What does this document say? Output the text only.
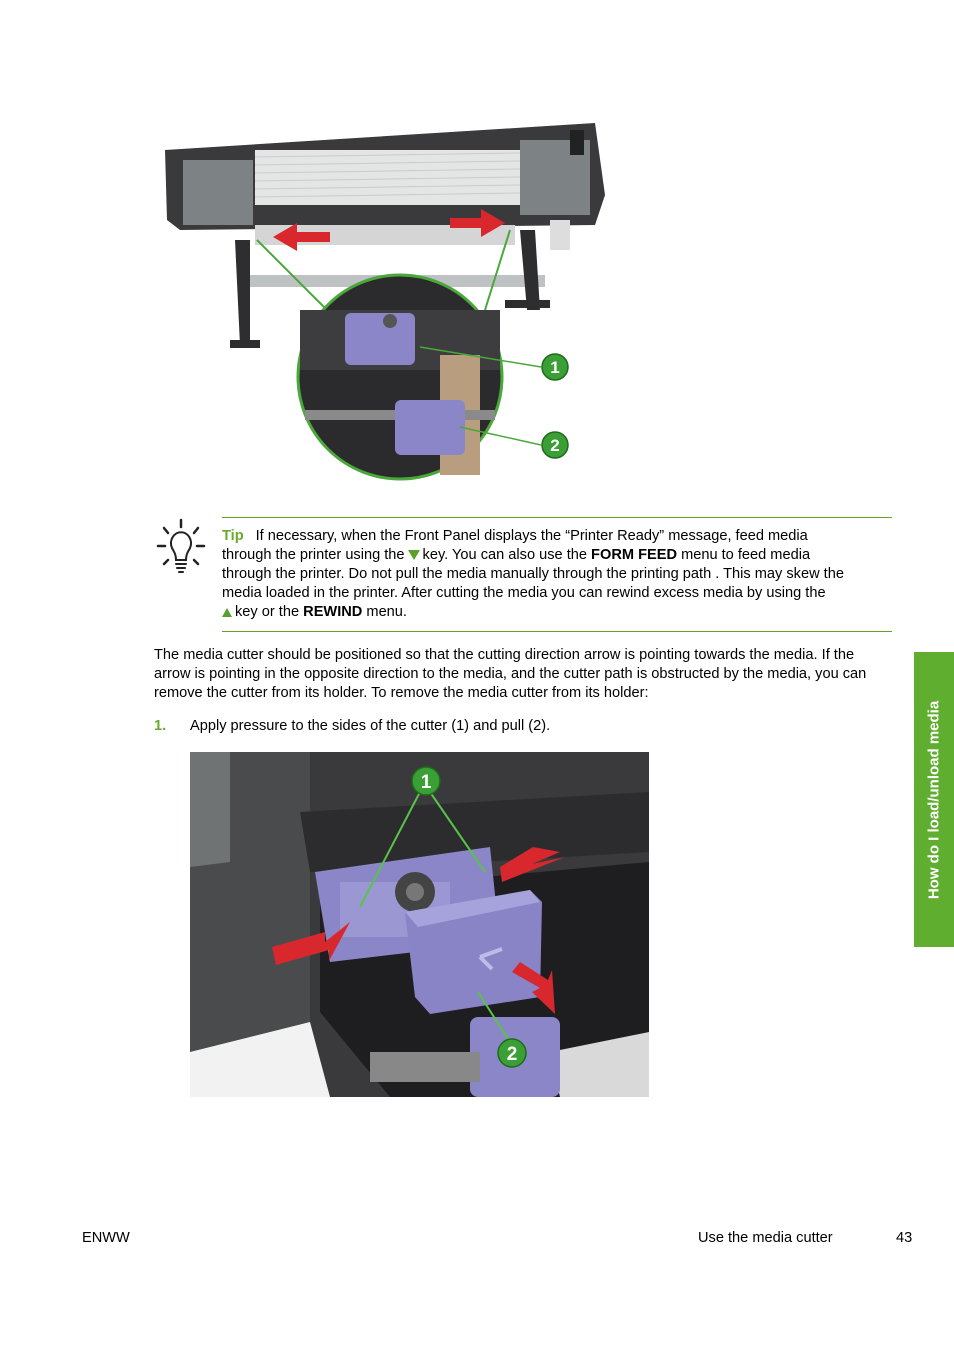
1
2
Tip If necessary, when the Front Panel displays the “Printer Ready” message, feed media
through the printer using the key. You can also use the FORM FEED menu to feed media
through the printer. Do not pull the media manually through the printing path . This may skew the
media loaded in the printer. After cutting the media you can rewind excess media by using the
key or the REWIND menu.
The media cutter should be positioned so that the cutting direction arrow is pointing towards the media. If the arrow is pointing in the opposite direction to the media, and the cutter path is obstructed by the media, you can remove the cutter from its holder. To remove the media cutter from its holder:
1. Apply pressure to the sides of the cutter (1) and pull (2).
1
2
How do I load/unload media
ENWW	Use the media cutter	43
